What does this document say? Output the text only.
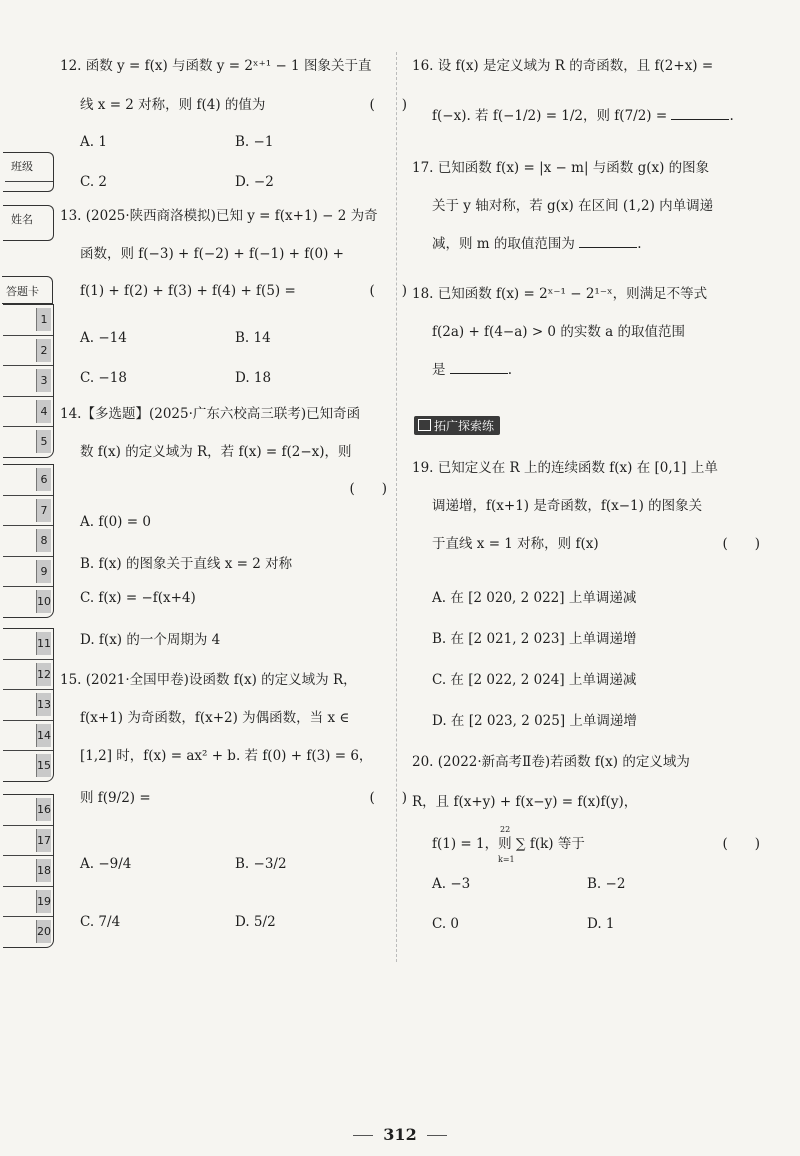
班级
姓名
答题卡
1
2
3
4
5
6
7
8
9
10
11
12
13
14
15
16
17
18
19
20

12. 函数 y = f(x) 与函数 y = 2ˣ⁺¹ − 1 图象关于直

线 x = 2 对称，则 f(4) 的值为	(　　)

A. 1	B. −1
C. 2	D. −2

13. (2025·陕西商洛模拟)已知 y = f(x+1) − 2 为奇

函数，则 f(−3) + f(−2) + f(−1) + f(0) +

f(1) + f(2) + f(3) + f(4) + f(5) =	(　　)

A. −14	B. 14
C. −18	D. 18

14.【多选题】(2025·广东六校高三联考)已知奇函

数 f(x) 的定义域为 R，若 f(x) = f(2−x)，则

(　　)

A. f(0) = 0
B. f(x) 的图象关于直线 x = 2 对称
C. f(x) = −f(x+4)
D. f(x) 的一个周期为 4

15. (2021·全国甲卷)设函数 f(x) 的定义域为 R，

f(x+1) 为奇函数，f(x+2) 为偶函数，当 x ∈

[1,2] 时，f(x) = ax² + b. 若 f(0) + f(3) = 6，

则 f(9/2) =	(　　)

A. −9/4	B. −3/2
C. 7/4	D. 5/2

16. 设 f(x) 是定义域为 R 的奇函数，且 f(2+x) =

f(−x). 若 f(−1/2) = 1/2，则 f(7/2) =	.

17. 已知函数 f(x) = |x − m| 与函数 g(x) 的图象

关于 y 轴对称，若 g(x) 在区间 (1,2) 内单调递

减，则 m 的取值范围为	.

18. 已知函数 f(x) = 2ˣ⁻¹ − 2¹⁻ˣ，则满足不等式

f(2a) + f(4−a) > 0 的实数 a 的取值范围

是	.

拓广探索练

19. 已知定义在 R 上的连续函数 f(x) 在 [0,1] 上单

调递增，f(x+1) 是奇函数，f(x−1) 的图象关

于直线 x = 1 对称，则 f(x)	(　　)

A. 在 [2 020, 2 022] 上单调递减
B. 在 [2 021, 2 023] 上单调递增
C. 在 [2 022, 2 024] 上单调递减
D. 在 [2 023, 2 025] 上单调递增

20. (2022·新高考Ⅱ卷)若函数 f(x) 的定义域为

R，且 f(x+y) + f(x−y) = f(x)f(y)，

f(1) = 1，则 ∑ f(k) 等于
22
k=1
(　　)

A. −3	B. −2
C. 0	D. 1
312
